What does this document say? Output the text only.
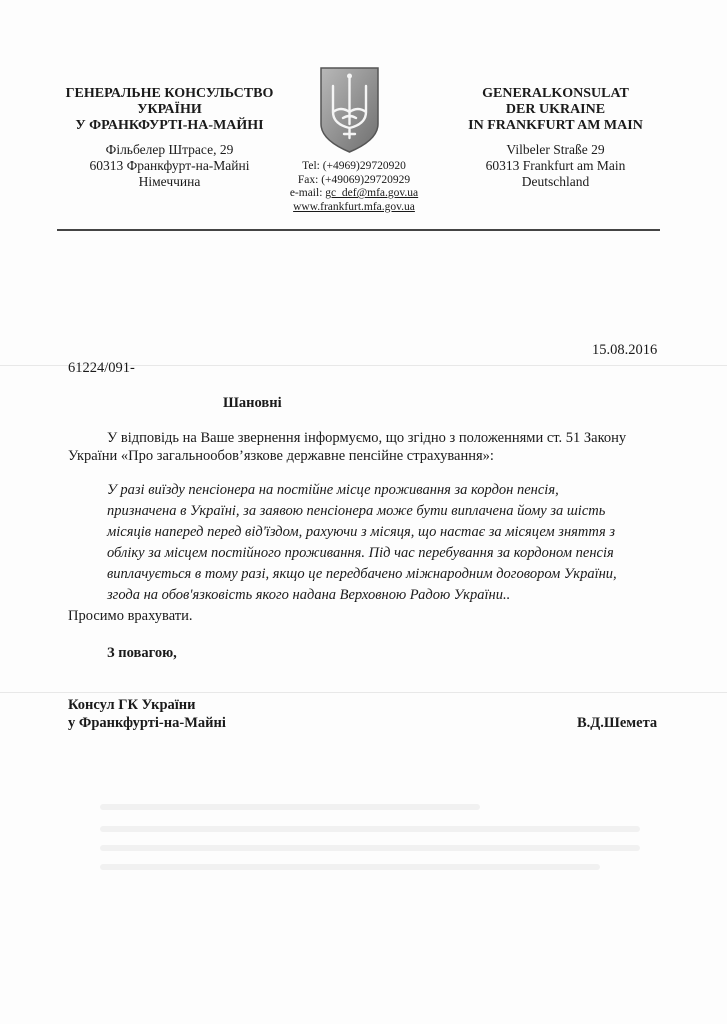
ГЕНЕРАЛЬНЕ КОНСУЛЬСТВО
УКРАЇНИ
У ФРАНКФУРТІ-НА-МАЙНІ
Фільбелер Штрасе, 29
60313 Франкфурт-на-Майні
Німеччина
Tel: (+4969)29720920
Fax: (+49069)29720929
e-mail: gc_def@mfa.gov.ua
www.frankfurt.mfa.gov.ua
GENERALKONSULAT
DER UKRAINE
IN FRANKFURT AM MAIN
Vilbeler Straße 29
60313 Frankfurt am Main
Deutschland
15.08.2016
61224/091-
Шановні
У відповідь на Ваше звернення інформуємо, що згідно з положеннями ст. 51 Закону
України «Про загальнообов’язкове державне пенсійне страхування»:
У разі виїзду пенсіонера на постійне місце проживання за кордон пенсія,
призначена в Україні, за заявою пенсіонера може бути виплачена йому за шість
місяців наперед перед від'їздом, рахуючи з місяця, що настає за місяцем зняття з
обліку за місцем постійного проживання. Під час перебування за кордоном пенсія
виплачується в тому разі, якщо це передбачено міжнародним договором України,
згода на обов'язковість якого надана Верховною Радою України..
Просимо врахувати.
З повагою,
Консул ГК України
у Франкфурті-на-Майні	В.Д.Шемета
